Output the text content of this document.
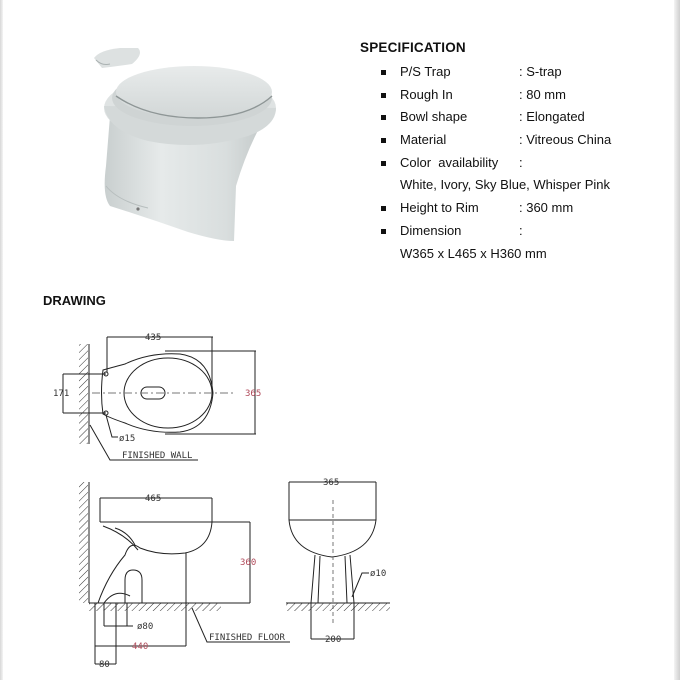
SPECIFICATION
P/S Trap	: S-trap
Rough In	: 80 mm
Bowl shape	: Elongated
Material	: Vitreous China
Color  availability :
White, Ivory, Sky Blue, Whisper Pink
Height to Rim	: 360 mm
Dimension	:
W365 x L465 x H360 mm
DRAWING
435
365
171
ø15
FINISHED WALL
465
360
ø80
440
80
FINISHED FLOOR
365
ø10
200
